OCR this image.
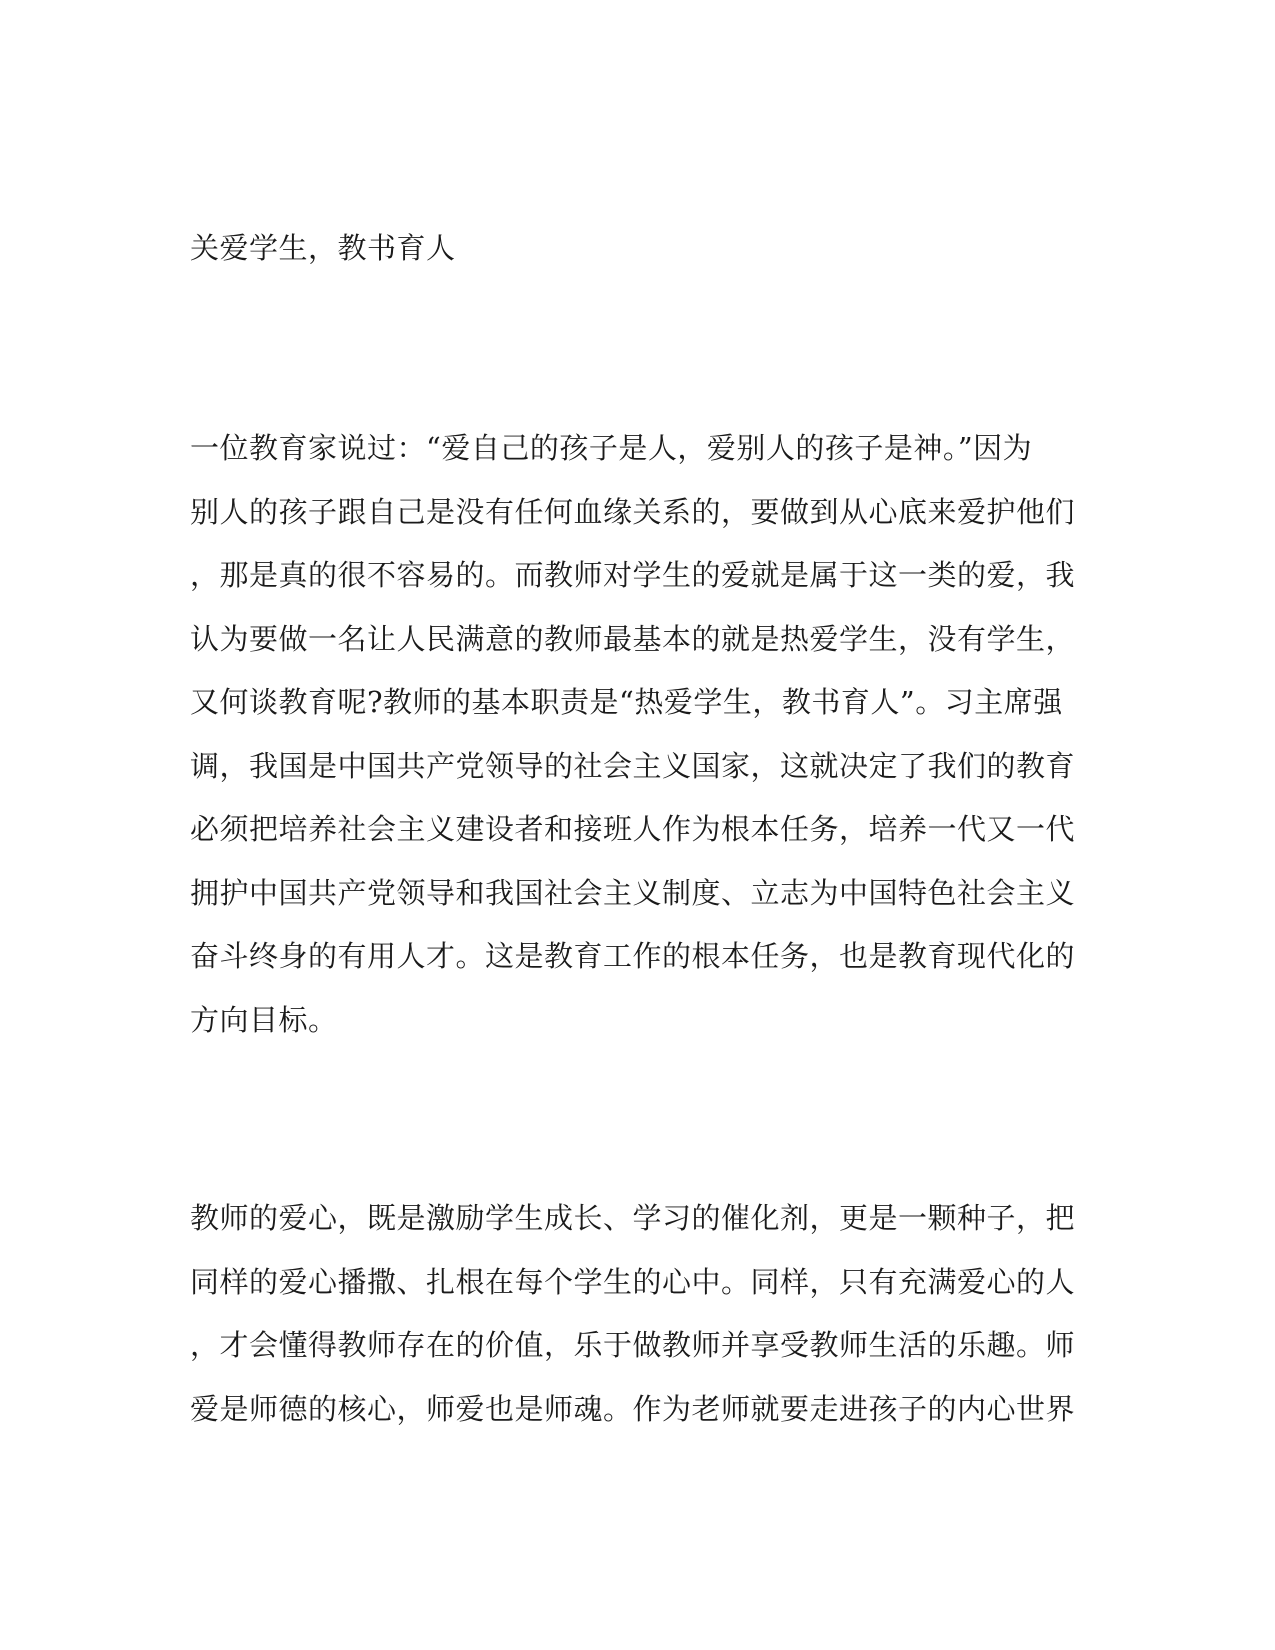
关爱学生，教书育人
一位教育家说过：“爱自己的孩子是人，爱别人的孩子是神。”因为
别人的孩子跟自己是没有任何血缘关系的，要做到从心底来爱护他们
，那是真的很不容易的。而教师对学生的爱就是属于这一类的爱，我
认为要做一名让人民满意的教师最基本的就是热爱学生，没有学生，
又何谈教育呢?教师的基本职责是“热爱学生，教书育人”。习主席强
调，我国是中国共产党领导的社会主义国家，这就决定了我们的教育
必须把培养社会主义建设者和接班人作为根本任务，培养一代又一代
拥护中国共产党领导和我国社会主义制度、立志为中国特色社会主义
奋斗终身的有用人才。这是教育工作的根本任务，也是教育现代化的
方向目标。
教师的爱心，既是激励学生成长、学习的催化剂，更是一颗种子，把
同样的爱心播撒、扎根在每个学生的心中。同样，只有充满爱心的人
，才会懂得教师存在的价值，乐于做教师并享受教师生活的乐趣。师
爱是师德的核心，师爱也是师魂。作为老师就要走进孩子的内心世界
